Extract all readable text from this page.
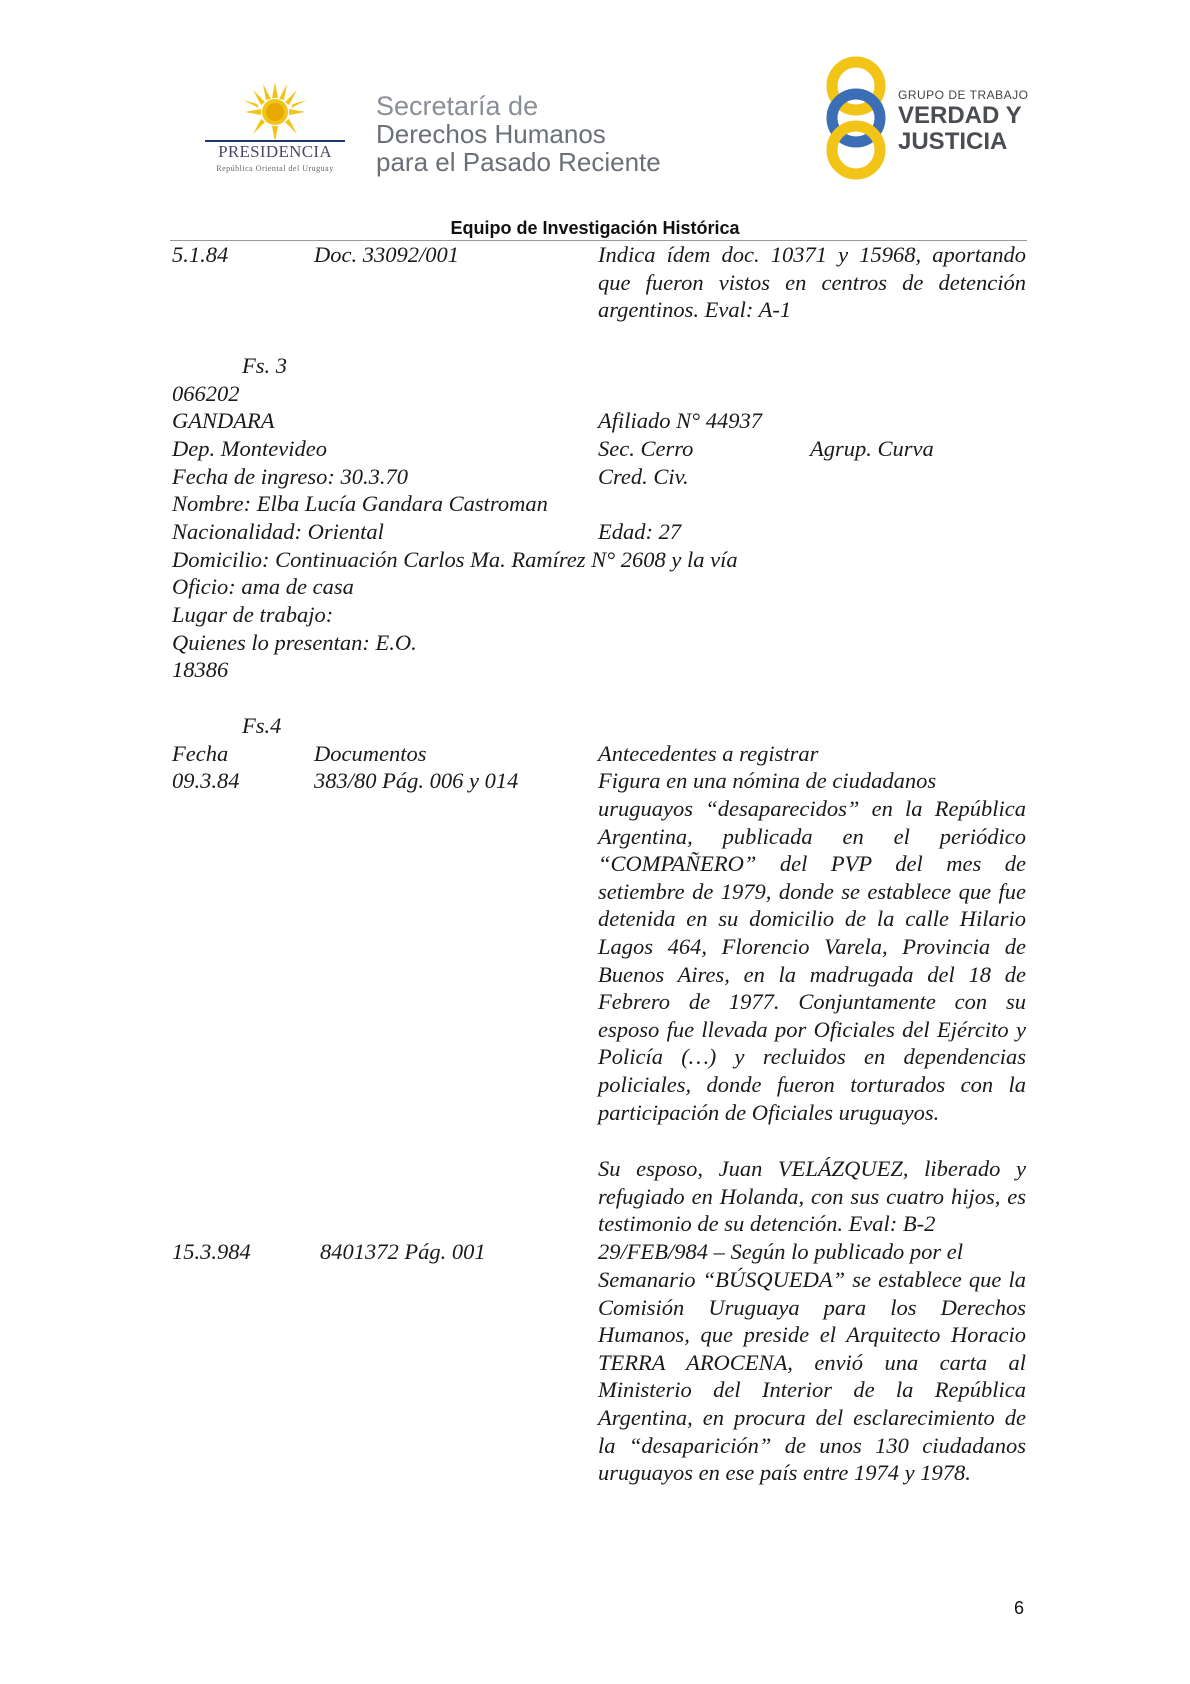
PRESIDENCIA
República Oriental del Uruguay
Secretaría de
Derechos Humanos
para el Pasado Reciente
GRUPO DE TRABAJO
VERDAD Y
JUSTICIA
Equipo de Investigación Histórica
5.1.84	Doc. 33092/001	Indica ídem doc. 10371 y 15968, aportando que fueron vistos en centros de detención argentinos. Eval: A-1
Fs. 3
066202
GANDARA	Afiliado N° 44937
Dep. Montevideo	Sec. Cerro	Agrup. Curva
Fecha de ingreso: 30.3.70	Cred. Civ.
Nombre: Elba Lucía Gandara Castroman
Nacionalidad: Oriental	Edad: 27
Domicilio: Continuación Carlos Ma. Ramírez N° 2608 y la vía
Oficio: ama de casa
Lugar de trabajo:
Quienes lo presentan: E.O.
18386
Fs.4
Fecha	Documentos	Antecedentes a registrar
09.3.84	383/80 Pág. 006 y 014	Figura en una nómina de ciudadanos
uruguayos “desaparecidos” en la República Argentina, publicada en el periódico “COMPAÑERO” del PVP del mes de setiembre de 1979, donde se establece que fue detenida en su domicilio de la calle Hilario Lagos 464, Florencio Varela, Provincia de Buenos Aires, en la madrugada del 18 de Febrero de 1977. Conjuntamente con su esposo fue llevada por Oficiales del Ejército y Policía (…) y recluidos en dependencias policiales, donde fueron torturados con la participación de Oficiales uruguayos.
Su esposo, Juan VELÁZQUEZ, liberado y refugiado en Holanda, con sus cuatro hijos, es testimonio de su detención. Eval: B-2
15.3.984	8401372 Pág. 001	29/FEB/984 – Según lo publicado por el
Semanario “BÚSQUEDA” se establece que la Comisión Uruguaya para los Derechos Humanos, que preside el Arquitecto Horacio TERRA AROCENA, envió una carta al Ministerio del Interior de la República Argentina, en procura del esclarecimiento de la “desaparición” de unos 130 ciudadanos uruguayos en ese país entre 1974 y 1978.
6
